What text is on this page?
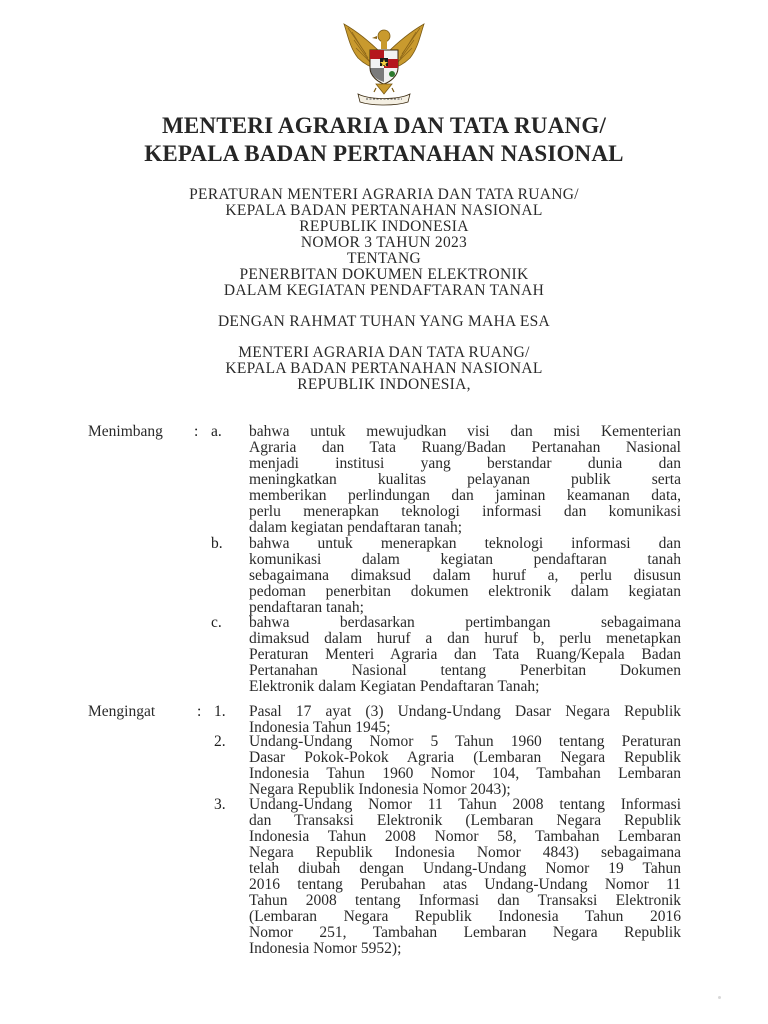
MENTERI AGRARIA DAN TATA RUANG/
KEPALA BADAN PERTANAHAN NASIONAL
PERATURAN MENTERI AGRARIA DAN TATA RUANG/
KEPALA BADAN PERTANAHAN NASIONAL
REPUBLIK INDONESIA
NOMOR 3 TAHUN 2023
TENTANG
PENERBITAN DOKUMEN ELEKTRONIK
DALAM KEGIATAN PENDAFTARAN TANAH
DENGAN RAHMAT TUHAN YANG MAHA ESA
MENTERI AGRARIA DAN TATA RUANG/
KEPALA BADAN PERTANAHAN NASIONAL
REPUBLIK INDONESIA,
Menimbang : a. bahwa untuk mewujudkan visi dan misi Kementerian
Agraria dan Tata Ruang/Badan Pertanahan Nasional
menjadi institusi yang berstandar dunia dan
meningkatkan kualitas pelayanan publik serta
memberikan perlindungan dan jaminan keamanan data,
perlu menerapkan teknologi informasi dan komunikasi
dalam kegiatan pendaftaran tanah;
b. bahwa untuk menerapkan teknologi informasi dan
komunikasi dalam kegiatan pendaftaran tanah
sebagaimana dimaksud dalam huruf a, perlu disusun
pedoman penerbitan dokumen elektronik dalam kegiatan
pendaftaran tanah;
c. bahwa berdasarkan pertimbangan sebagaimana
dimaksud dalam huruf a dan huruf b, perlu menetapkan
Peraturan Menteri Agraria dan Tata Ruang/Kepala Badan
Pertanahan Nasional tentang Penerbitan Dokumen
Elektronik dalam Kegiatan Pendaftaran Tanah;
Mengingat	: 1. Pasal 17 ayat (3) Undang-Undang Dasar Negara Republik
Indonesia Tahun 1945;
2. Undang-Undang Nomor 5 Tahun 1960 tentang Peraturan
Dasar Pokok-Pokok Agraria (Lembaran Negara Republik
Indonesia Tahun 1960 Nomor 104, Tambahan Lembaran
Negara Republik Indonesia Nomor 2043);
3. Undang-Undang Nomor 11 Tahun 2008 tentang Informasi
dan Transaksi Elektronik (Lembaran Negara Republik
Indonesia Tahun 2008 Nomor 58, Tambahan Lembaran
Negara Republik Indonesia Nomor 4843) sebagaimana
telah diubah dengan Undang-Undang Nomor 19 Tahun
2016 tentang Perubahan atas Undang-Undang Nomor 11
Tahun 2008 tentang Informasi dan Transaksi Elektronik
(Lembaran Negara Republik Indonesia Tahun 2016
Nomor 251, Tambahan Lembaran Negara Republik
Indonesia Nomor 5952);
